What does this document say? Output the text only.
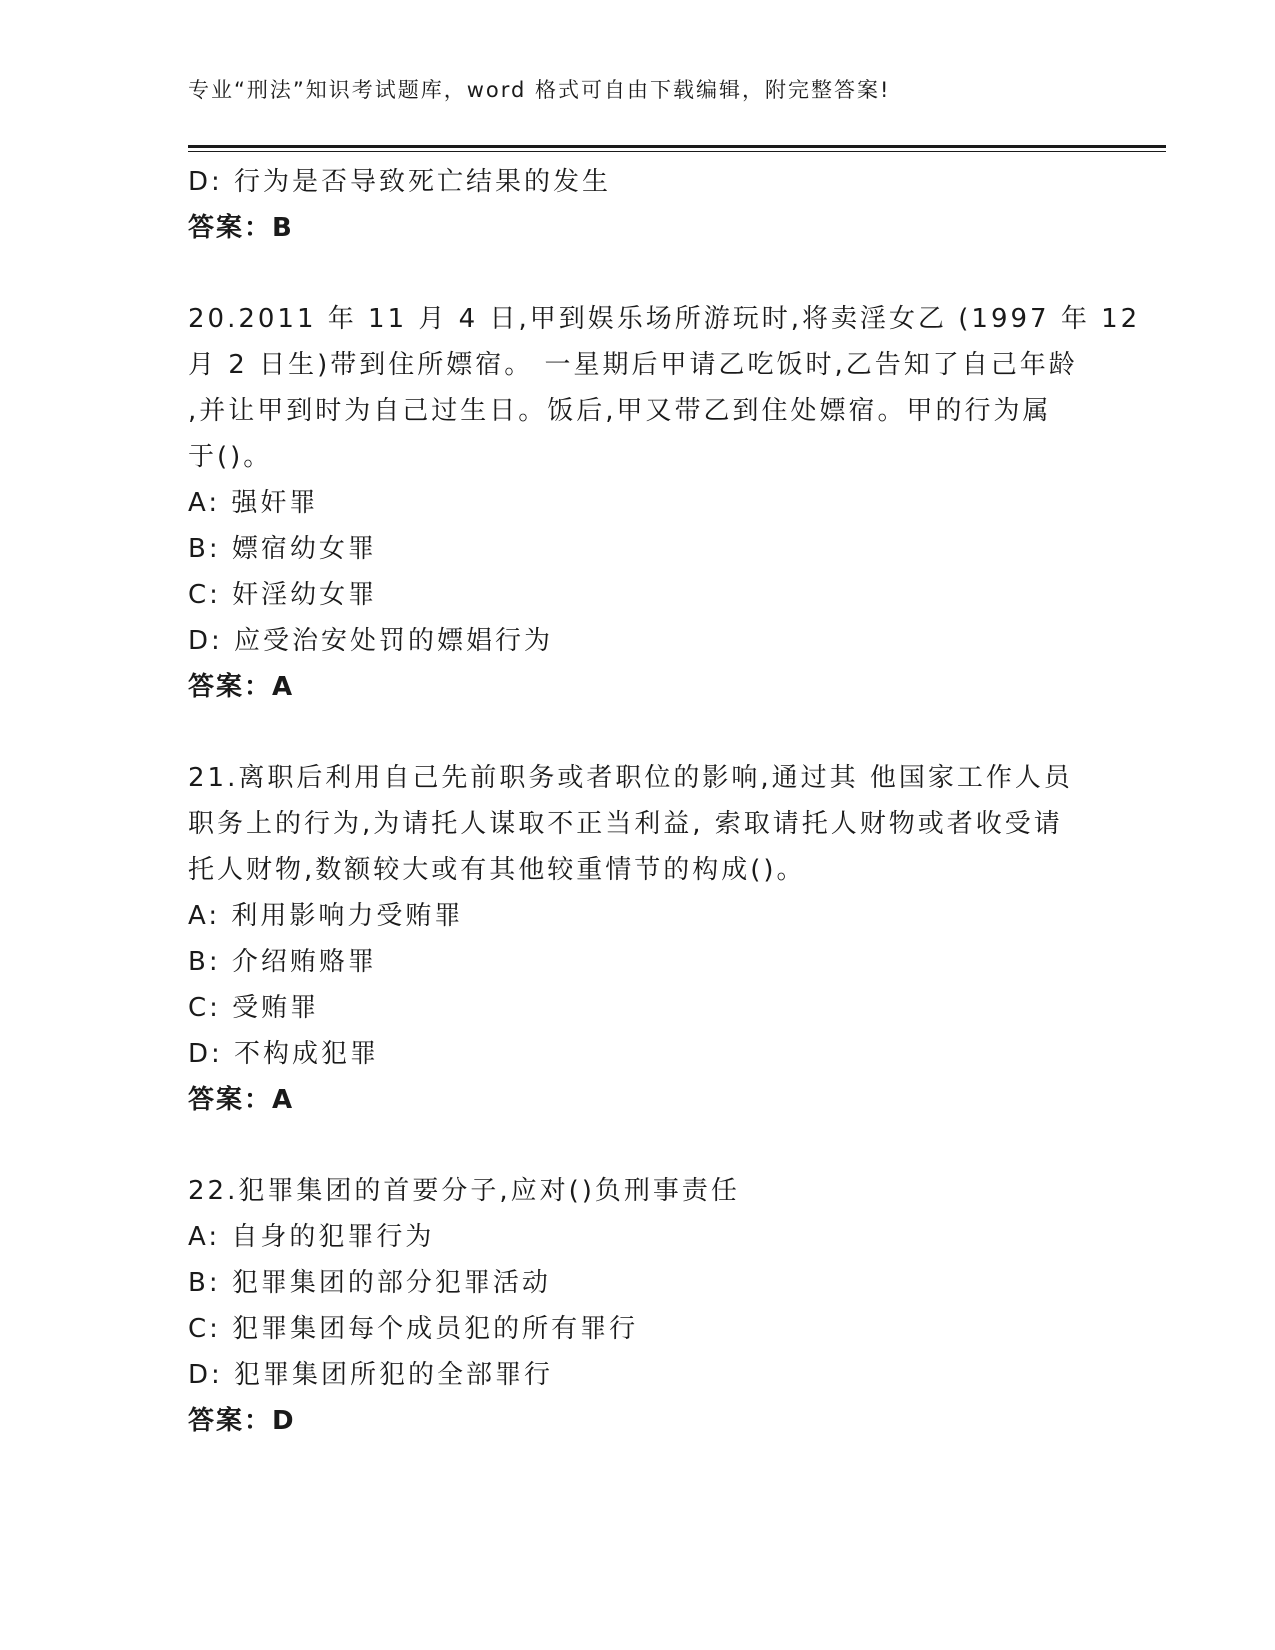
专业“刑法”知识考试题库，word 格式可自由下载编辑，附完整答案!
D: 行为是否导致死亡结果的发生
答案：B
20.2011 年 11 月 4 日,甲到娱乐场所游玩时,将卖淫女乙 (1997 年 12
月 2 日生)带到住所嫖宿。 一星期后甲请乙吃饭时,乙告知了自己年龄
,并让甲到时为自己过生日。饭后,甲又带乙到住处嫖宿。甲的行为属
于()。
A: 强奸罪
B: 嫖宿幼女罪
C: 奸淫幼女罪
D: 应受治安处罚的嫖娼行为
答案：A
21.离职后利用自己先前职务或者职位的影响,通过其 他国家工作人员
职务上的行为,为请托人谋取不正当利益, 索取请托人财物或者收受请
托人财物,数额较大或有其他较重情节的构成()。
A: 利用影响力受贿罪
B: 介绍贿赂罪
C: 受贿罪
D: 不构成犯罪
答案：A
22.犯罪集团的首要分子,应对()负刑事责任
A: 自身的犯罪行为
B: 犯罪集团的部分犯罪活动
C: 犯罪集团每个成员犯的所有罪行
D: 犯罪集团所犯的全部罪行
答案：D
